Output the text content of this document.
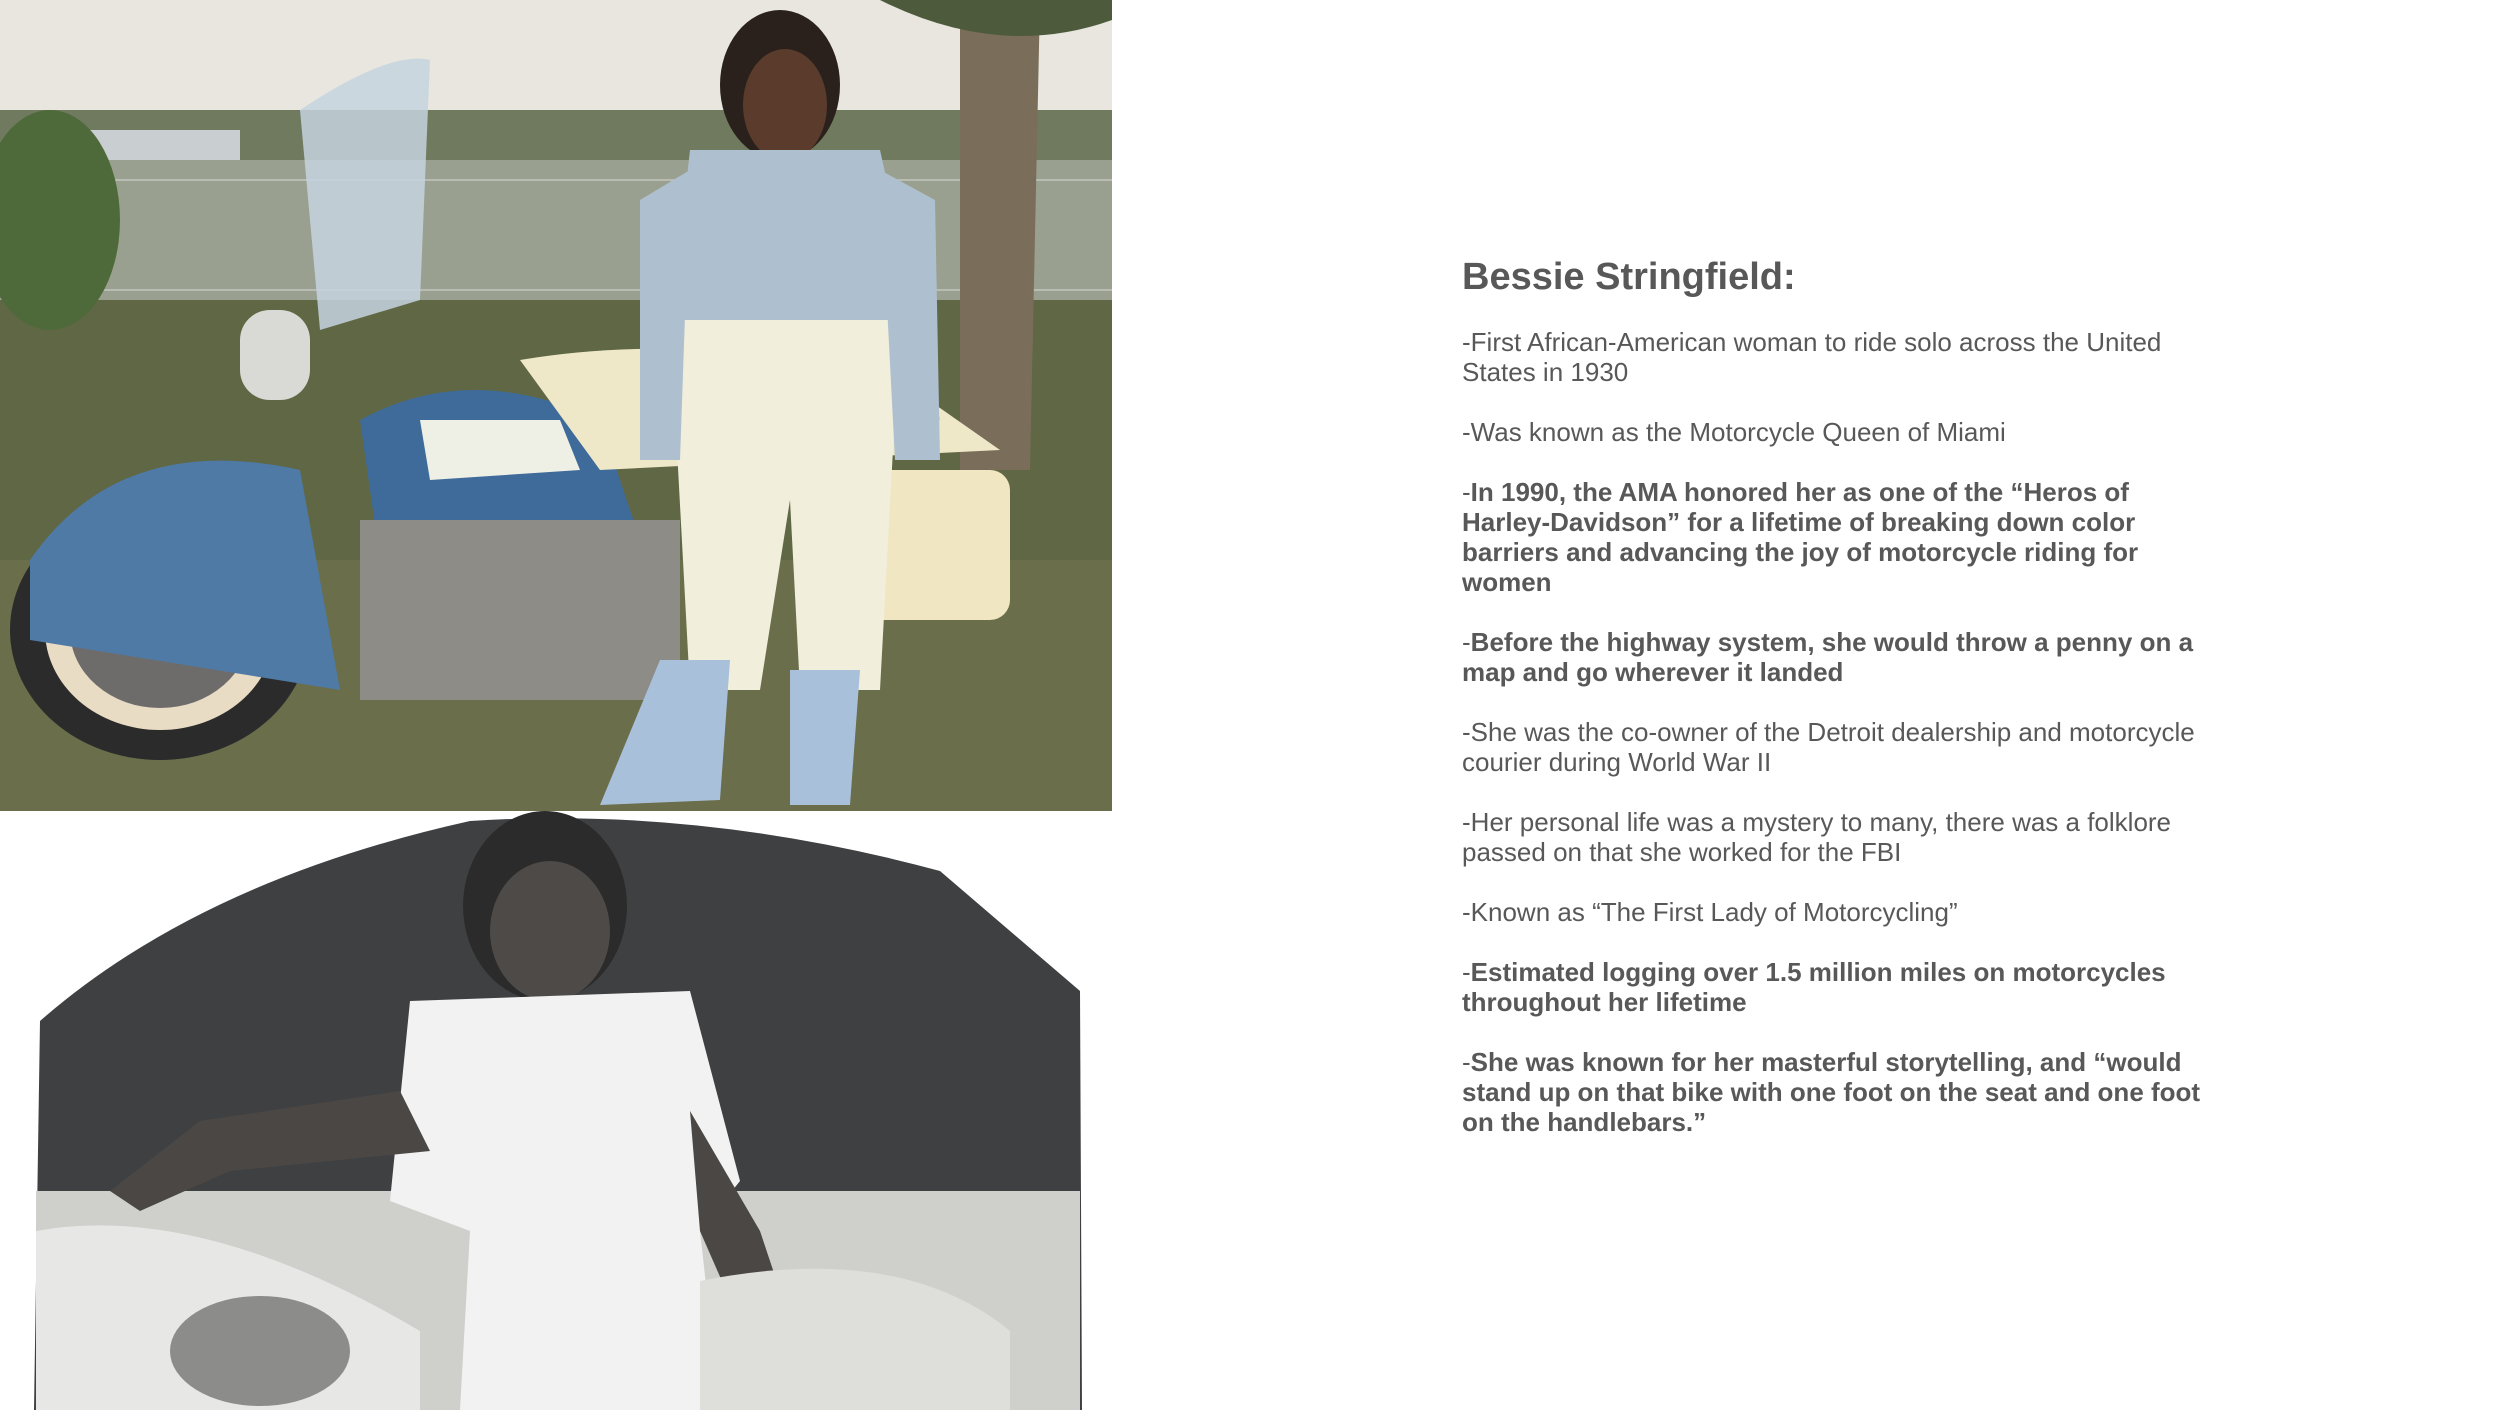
Bessie Stringfield:
-First African-American woman to ride solo across the United States in 1930
-Was known as the Motorcycle Queen of Miami
-In 1990, the AMA honored her as one of the “Heros of Harley-Davidson” for a lifetime of breaking down color barriers and advancing the joy of motorcycle riding for women
-Before the highway system, she would throw a penny on a map and go wherever it landed
-She was the co-owner of the Detroit dealership and motorcycle courier during World War II
-Her personal life was a mystery to many, there was a folklore passed on that she worked for the FBI
-Known as “The First Lady of Motorcycling”
-Estimated logging over 1.5 million miles on motorcycles throughout her lifetime
-She was known for her masterful storytelling, and “would stand up on that bike with one foot on the seat and one foot on the handlebars.”
